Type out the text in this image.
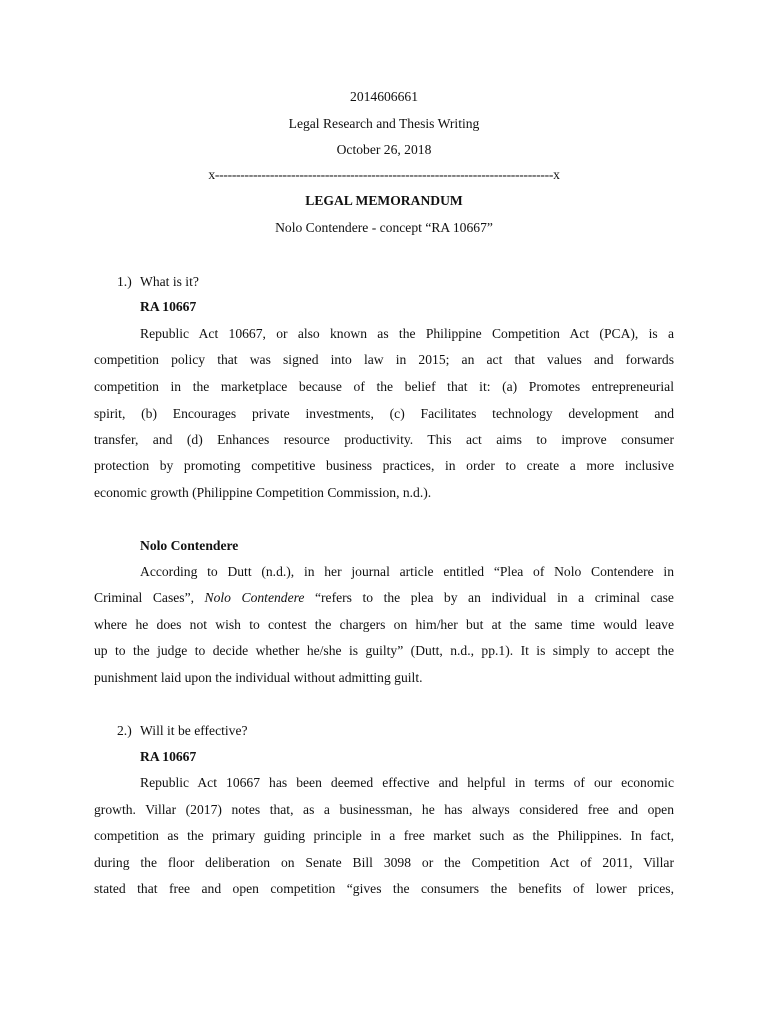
2014606661
Legal Research and Thesis Writing
October 26, 2018
x--------------------------------------------------------------------------------x
LEGAL MEMORANDUM
Nolo Contendere - concept “RA 10667”
1.) What is it?
RA 10667
Republic Act 10667, or also known as the Philippine Competition Act (PCA), is a
competition policy that was signed into law in 2015; an act that values and forwards
competition in the marketplace because of the belief that it: (a) Promotes entrepreneurial
spirit, (b) Encourages private investments, (c) Facilitates technology development and
transfer, and (d) Enhances resource productivity. This act aims to improve consumer
protection by promoting competitive business practices, in order to create a more inclusive
economic growth (Philippine Competition Commission, n.d.).
Nolo Contendere
According to Dutt (n.d.), in her journal article entitled “Plea of Nolo Contendere in
Criminal Cases”, Nolo Contendere “refers to the plea by an individual in a criminal case
where he does not wish to contest the chargers on him/her but at the same time would leave
up to the judge to decide whether he/she is guilty” (Dutt, n.d., pp.1). It is simply to accept the
punishment laid upon the individual without admitting guilt.
2.) Will it be effective?
RA 10667
Republic Act 10667 has been deemed effective and helpful in terms of our economic
growth. Villar (2017) notes that, as a businessman, he has always considered free and open
competition as the primary guiding principle in a free market such as the Philippines. In fact,
during the floor deliberation on Senate Bill 3098 or the Competition Act of 2011, Villar
stated that free and open competition “gives the consumers the benefits of lower prices,
